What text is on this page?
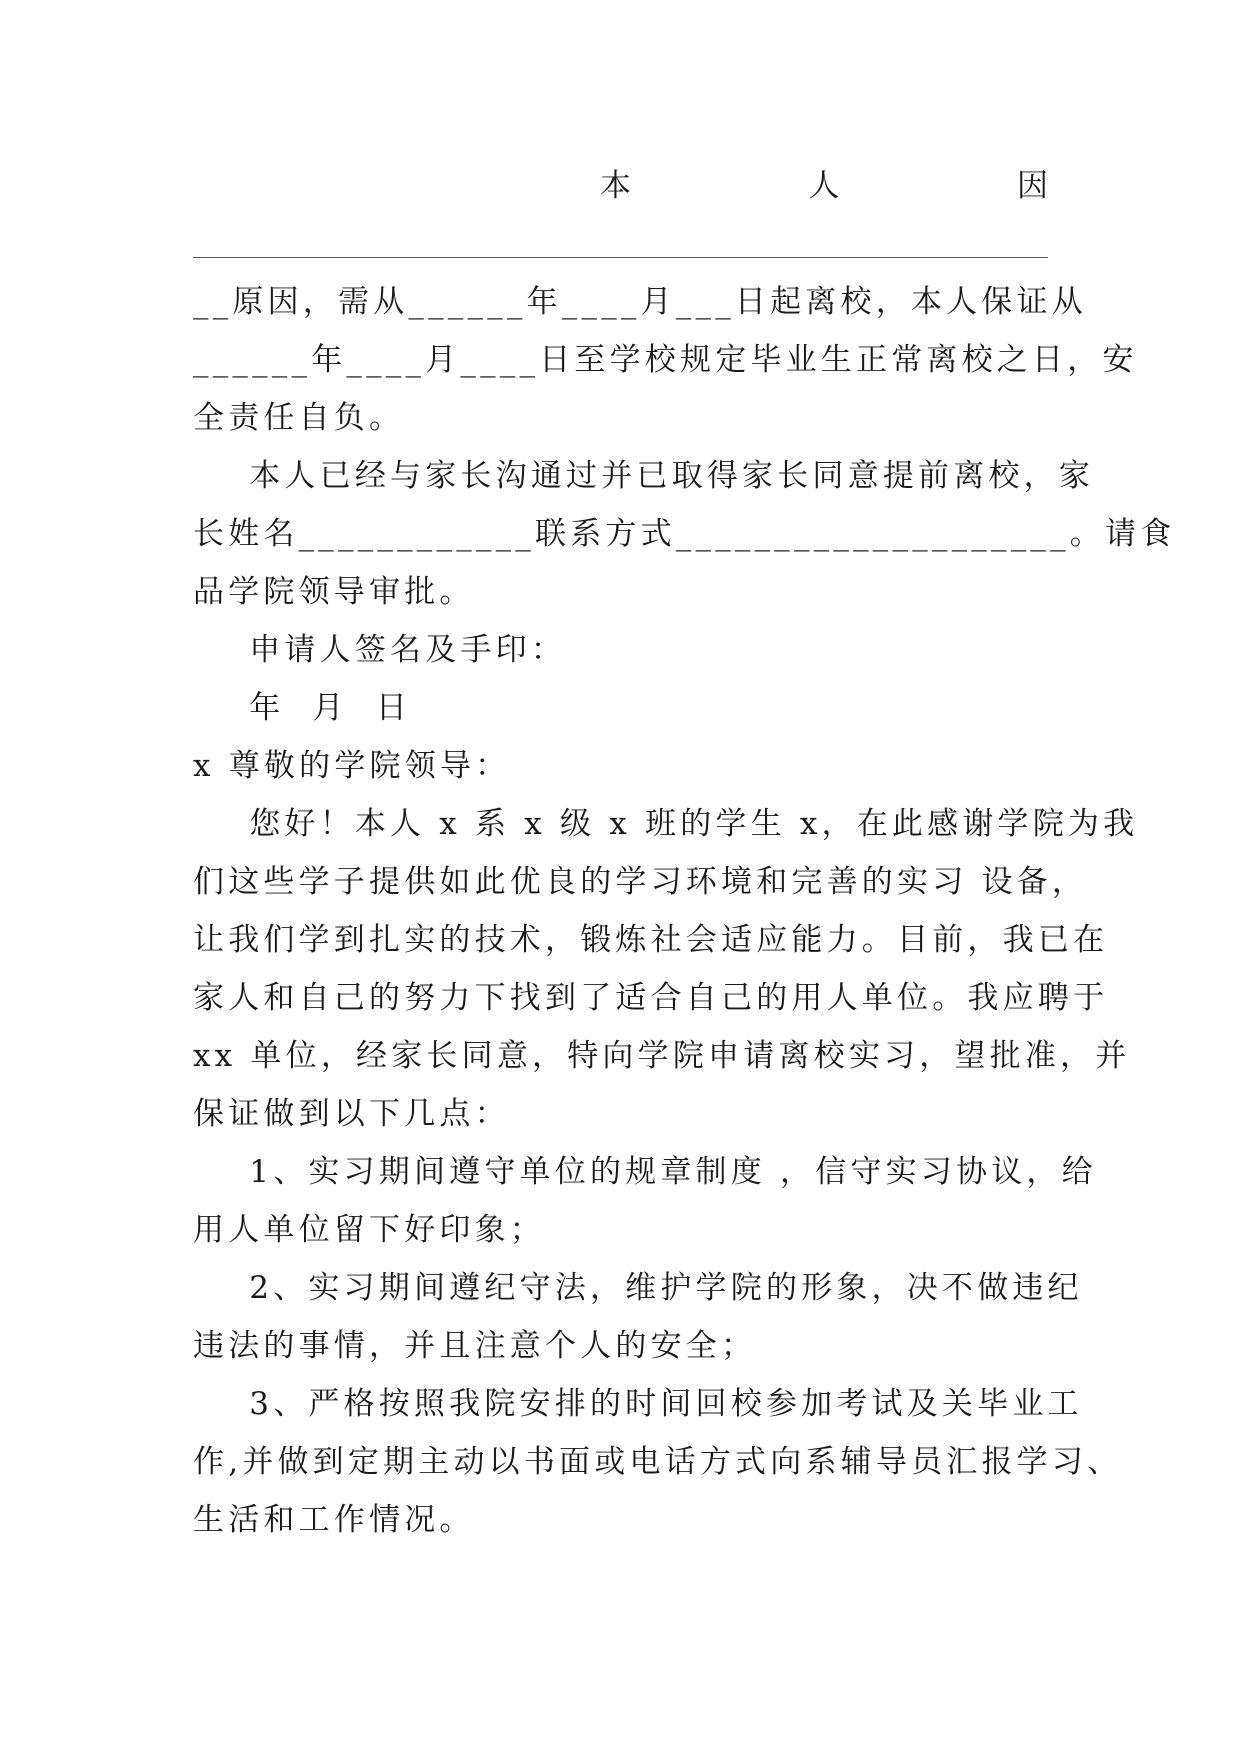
本	人	因
__原因，需从______年____月___日起离校，本人保证从
______年____月____日至学校规定毕业生正常离校之日，安
全责任自负。
本人已经与家长沟通过并已取得家长同意提前离校，家
长姓名____________联系方式____________________。请食
品学院领导审批。
申请人签名及手印：
年  月  日
x 尊敬的学院领导：
您好！本人 x 系 x 级 x 班的学生 x，在此感谢学院为我
们这些学子提供如此优良的学习环境和完善的实习 设备，
让我们学到扎实的技术，锻炼社会适应能力。目前，我已在
家人和自己的努力下找到了适合自己的用人单位。我应聘于
xx 单位，经家长同意，特向学院申请离校实习，望批准，并
保证做到以下几点：
1、实习期间遵守单位的规章制度 ，信守实习协议，给
用人单位留下好印象；
2、实习期间遵纪守法，维护学院的形象，决不做违纪
违法的事情，并且注意个人的安全；
3、严格按照我院安排的时间回校参加考试及关毕业工
作,并做到定期主动以书面或电话方式向系辅导员汇报学习、
生活和工作情况。
